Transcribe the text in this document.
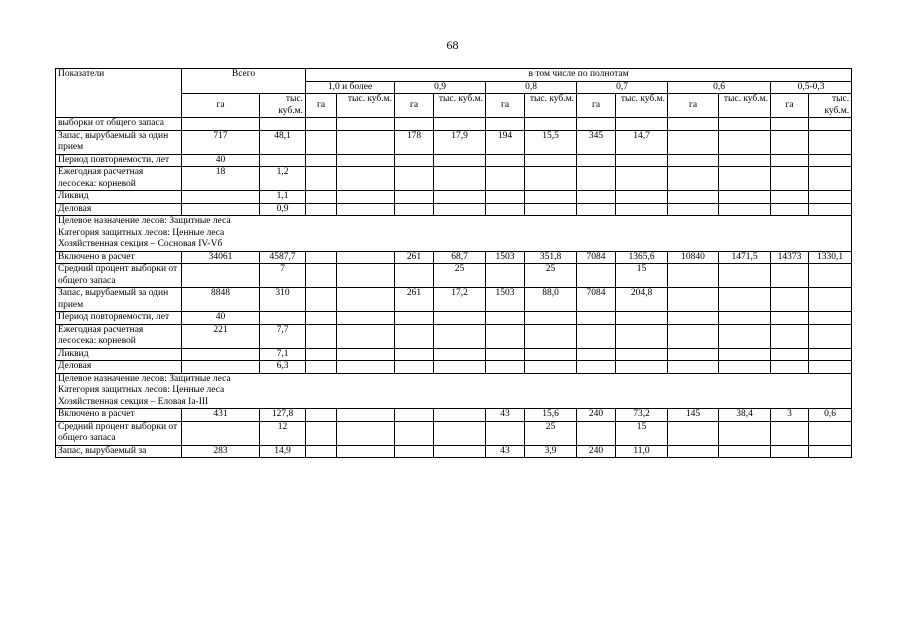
68
Показатели	Всего		в том числе по полнотам											
			1,0 и более		0,9		0,8		0,7		0,6		0,5-0,3	
	га	тыс. куб.м.	га	тыс. куб.м.	га	тыс. куб.м.	га	тыс. куб.м.	га	тыс. куб.м.	га	тыс. куб.м.	га	тыс. куб.м.
выборки от общего запаса														
Запас, вырубаемый за один прием	717	48,1			178	17,9	194	15,5	345	14,7				
Период повторяемости, лет	40													
Ежегодная расчетная лесосека: корневой	18	1,2												
Ликвид		1,1												
Деловая		0,9												

Целевое назначение лесов: Защитные леса
Категория защитных лесов: Ценные леса
Хозяйственная секция – Сосновая IV-Vб														

Включено в расчет	34061	4587,7			261	68,7	1503	351,8	7084	1365,6	10840	1471,5	14373	1330,1
Средний процент выборки от общего запаса		7				25		25		15				
Запас, вырубаемый за один прием	8848	310			261	17,2	1503	88,0	7084	204,8				
Период повторяемости, лет	40													
Ежегодная расчетная лесосека: корневой	221	7,7												
Ликвид		7,1												
Деловая		6,3												

Целевое назначение лесов: Защитные леса
Категория защитных лесов: Ценные леса
Хозяйственная секция – Еловая Ia-III														

Включено в расчет	431	127,8					43	15,6	240	73,2	145	38,4	3	0,6
Средний процент выборки от общего запаса		12						25		15				
Запас, вырубаемый за	283	14,9					43	3,9	240	11,0				
